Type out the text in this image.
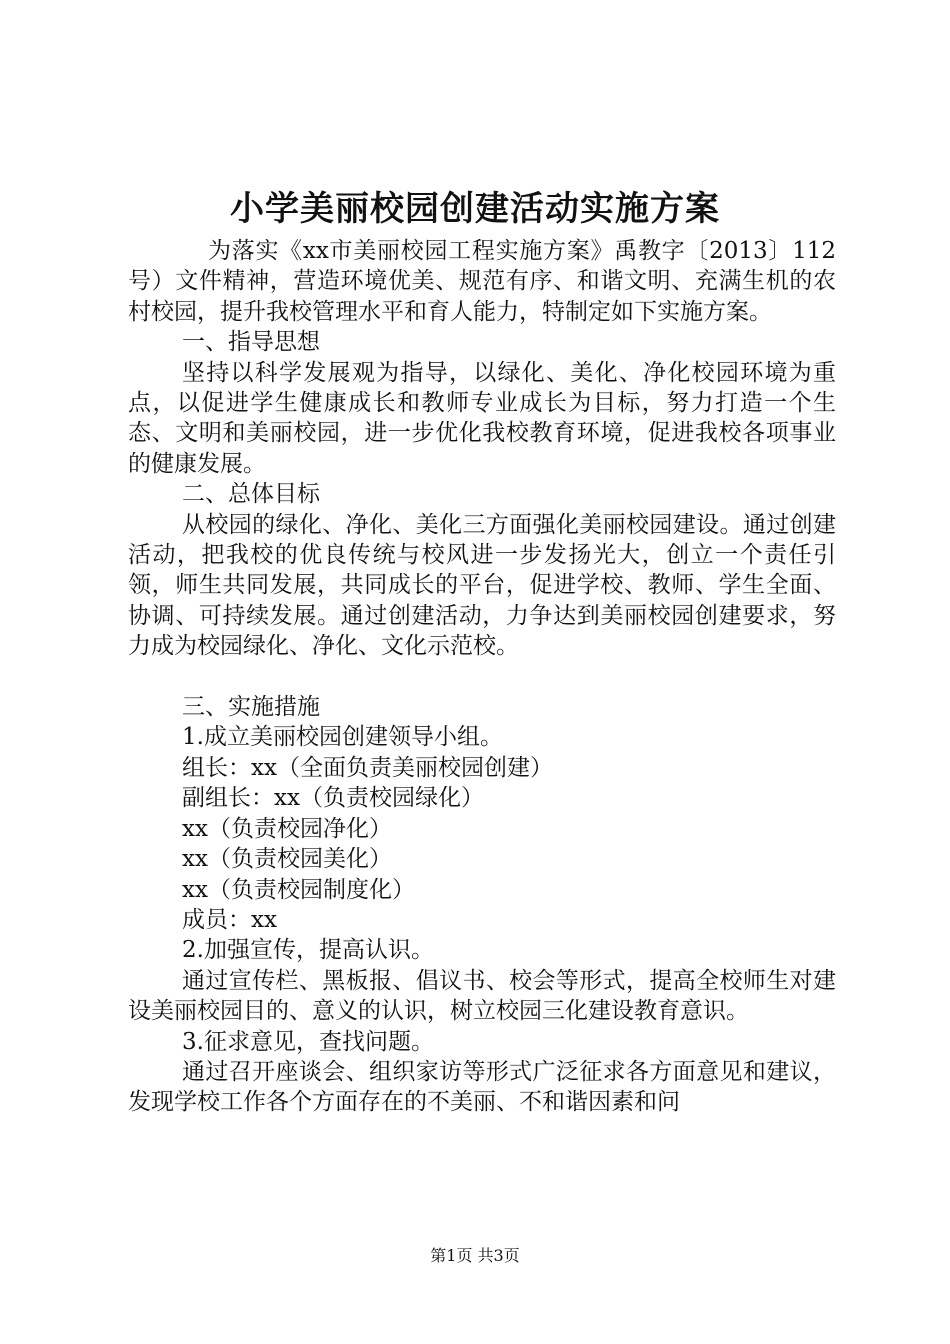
小学美丽校园创建活动实施方案

为落实《xx市美丽校园工程实施方案》禹教字〔2013〕112号）文件精神，营造环境优美、规范有序、和谐文明、充满生机的农村校园，提升我校管理水平和育人能力，特制定如下实施方案。

一、指导思想

坚持以科学发展观为指导，以绿化、美化、净化校园环境为重点，以促进学生健康成长和教师专业成长为目标，努力打造一个生态、文明和美丽校园，进一步优化我校教育环境，促进我校各项事业的健康发展。

二、总体目标

从校园的绿化、净化、美化三方面强化美丽校园建设。通过创建活动，把我校的优良传统与校风进一步发扬光大，创立一个责任引领，师生共同发展，共同成长的平台，促进学校、教师、学生全面、协调、可持续发展。通过创建活动，力争达到美丽校园创建要求，努力成为校园绿化、净化、文化示范校。

三、实施措施

1.成立美丽校园创建领导小组。

组长：xx（全面负责美丽校园创建）

副组长：xx（负责校园绿化）

xx（负责校园净化）

xx（负责校园美化）

xx（负责校园制度化）

成员：xx

2.加强宣传，提高认识。

通过宣传栏、黑板报、倡议书、校会等形式，提高全校师生对建设美丽校园目的、意义的认识，树立校园三化建设教育意识。

3.征求意见，查找问题。

通过召开座谈会、组织家访等形式广泛征求各方面意见和建议，发现学校工作各个方面存在的不美丽、不和谐因素和问

第1页 共3页
